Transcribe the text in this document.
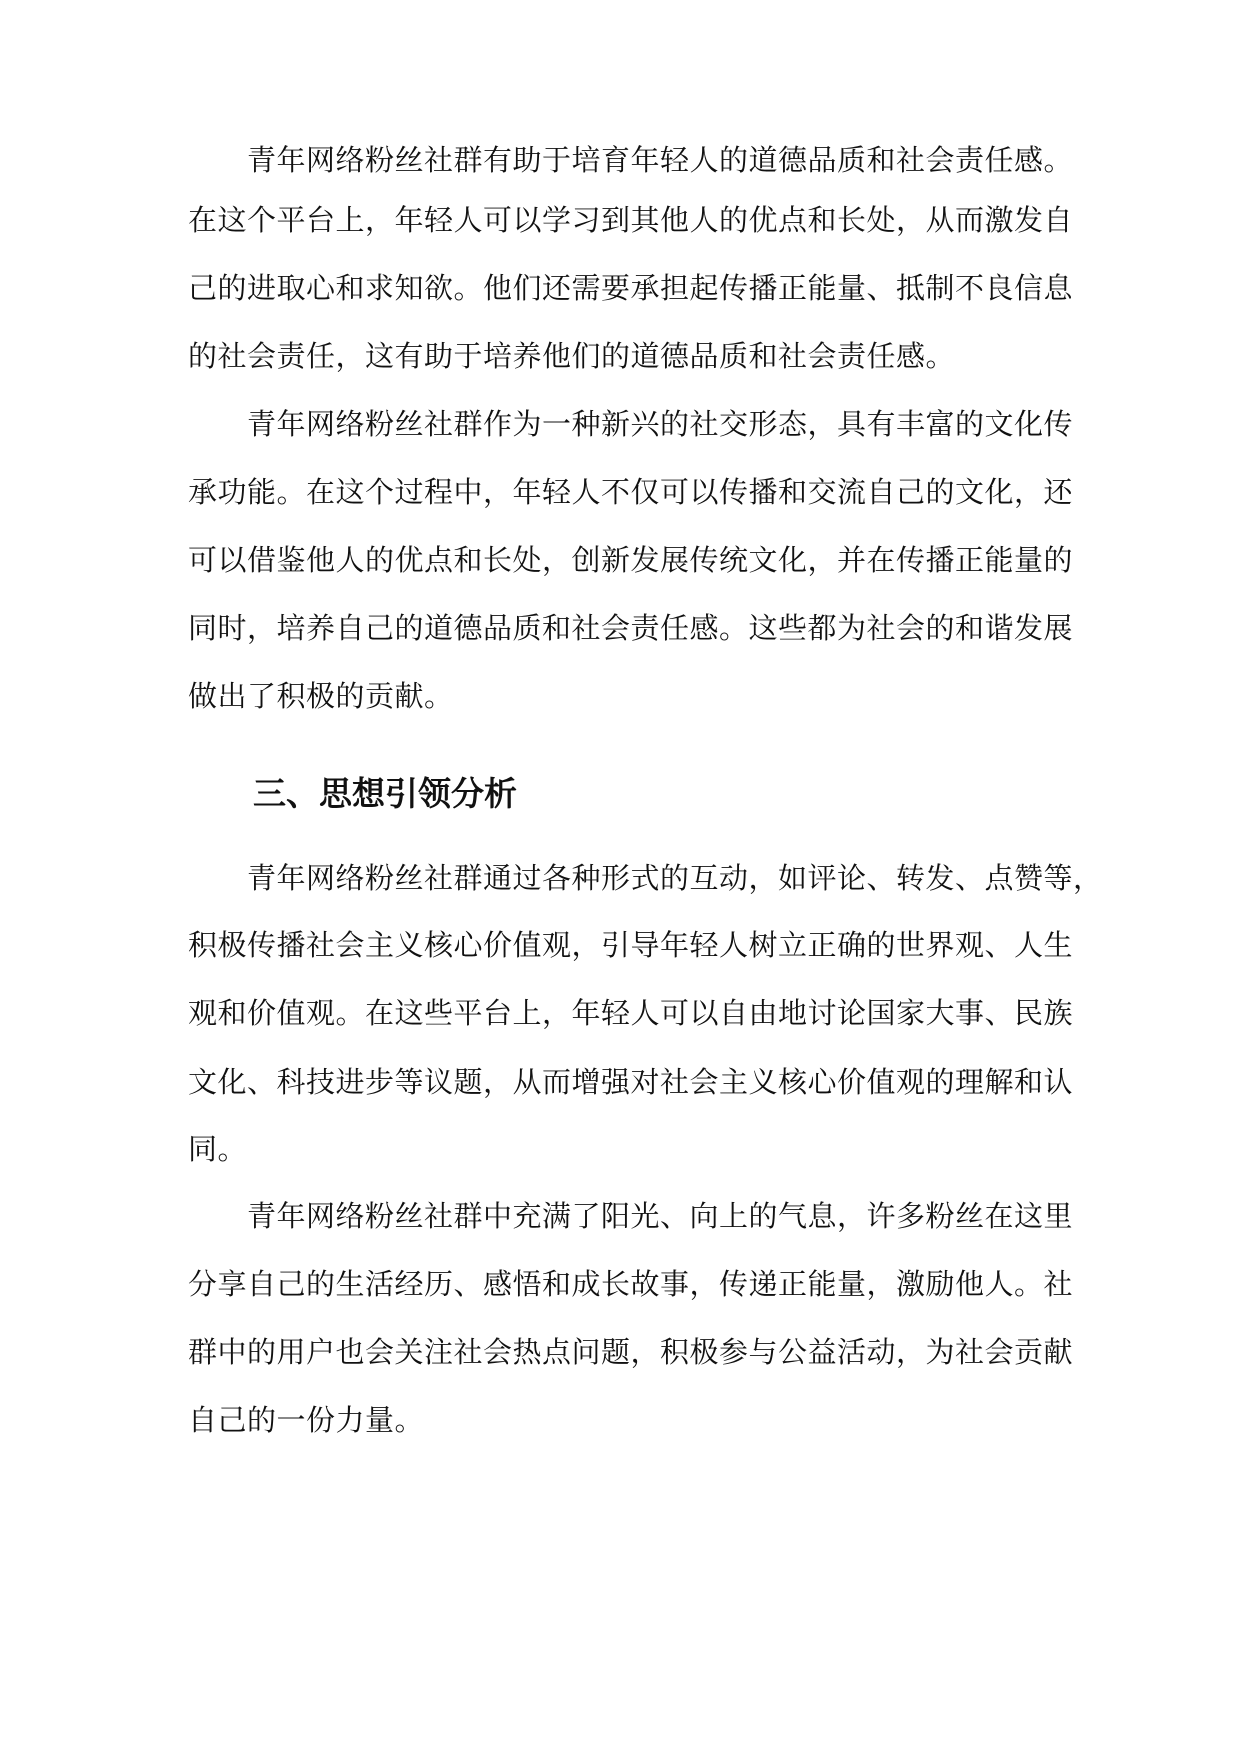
青年网络粉丝社群有助于培育年轻人的道德品质和社会责任感。
在这个平台上，年轻人可以学习到其他人的优点和长处，从而激发自
己的进取心和求知欲。他们还需要承担起传播正能量、抵制不良信息
的社会责任，这有助于培养他们的道德品质和社会责任感。
青年网络粉丝社群作为一种新兴的社交形态，具有丰富的文化传
承功能。在这个过程中，年轻人不仅可以传播和交流自己的文化，还
可以借鉴他人的优点和长处，创新发展传统文化，并在传播正能量的
同时，培养自己的道德品质和社会责任感。这些都为社会的和谐发展
做出了积极的贡献。
三、思想引领分析
青年网络粉丝社群通过各种形式的互动，如评论、转发、点赞等，
积极传播社会主义核心价值观，引导年轻人树立正确的世界观、人生
观和价值观。在这些平台上，年轻人可以自由地讨论国家大事、民族
文化、科技进步等议题，从而增强对社会主义核心价值观的理解和认
同。
青年网络粉丝社群中充满了阳光、向上的气息，许多粉丝在这里
分享自己的生活经历、感悟和成长故事，传递正能量，激励他人。社
群中的用户也会关注社会热点问题，积极参与公益活动，为社会贡献
自己的一份力量。
